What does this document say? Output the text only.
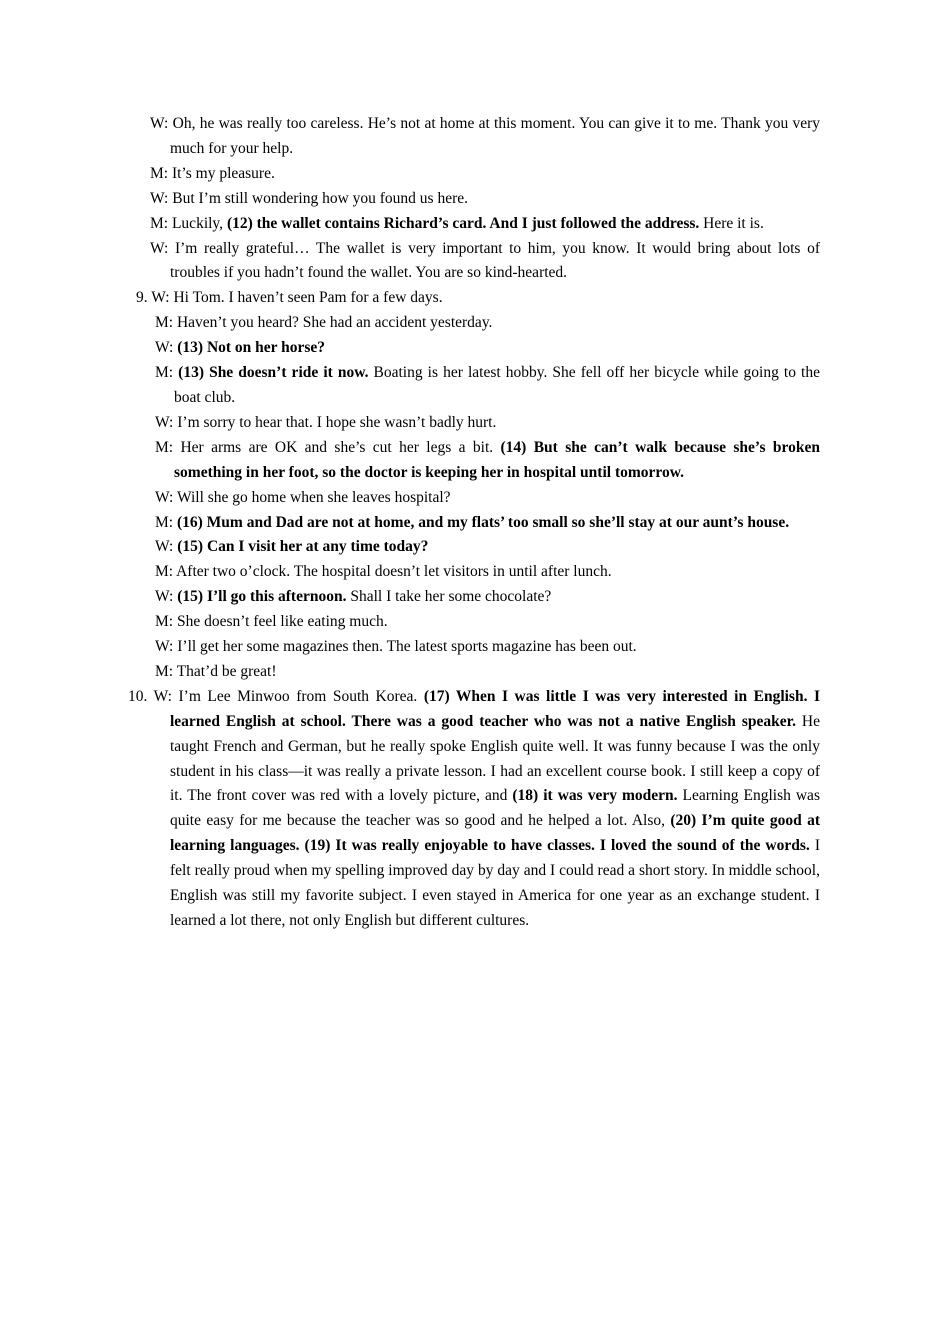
W: Oh, he was really too careless. He’s not at home at this moment. You can give it to me. Thank you very much for your help.
M: It’s my pleasure.
W: But I’m still wondering how you found us here.
M: Luckily, (12) the wallet contains Richard’s card. And I just followed the address. Here it is.
W: I’m really grateful… The wallet is very important to him, you know. It would bring about lots of troubles if you hadn’t found the wallet. You are so kind-hearted.
9. W: Hi Tom. I haven’t seen Pam for a few days.
M: Haven’t you heard? She had an accident yesterday.
W: (13) Not on her horse?
M: (13) She doesn’t ride it now. Boating is her latest hobby. She fell off her bicycle while going to the boat club.
W: I’m sorry to hear that. I hope she wasn’t badly hurt.
M: Her arms are OK and she’s cut her legs a bit. (14) But she can’t walk because she’s broken something in her foot, so the doctor is keeping her in hospital until tomorrow.
W: Will she go home when she leaves hospital?
M: (16) Mum and Dad are not at home, and my flats’ too small so she’ll stay at our aunt’s house.
W: (15) Can I visit her at any time today?
M: After two o’clock. The hospital doesn’t let visitors in until after lunch.
W: (15) I’ll go this afternoon. Shall I take her some chocolate?
M: She doesn’t feel like eating much.
W: I’ll get her some magazines then. The latest sports magazine has been out.
M: That’d be great!
10. W: I’m Lee Minwoo from South Korea. (17) When I was little I was very interested in English. I learned English at school. There was a good teacher who was not a native English speaker. He taught French and German, but he really spoke English quite well. It was funny because I was the only student in his class—it was really a private lesson. I had an excellent course book. I still keep a copy of it. The front cover was red with a lovely picture, and (18) it was very modern. Learning English was quite easy for me because the teacher was so good and he helped a lot. Also, (20) I’m quite good at learning languages. (19) It was really enjoyable to have classes. I loved the sound of the words. I felt really proud when my spelling improved day by day and I could read a short story. In middle school, English was still my favorite subject. I even stayed in America for one year as an exchange student. I learned a lot there, not only English but different cultures.
